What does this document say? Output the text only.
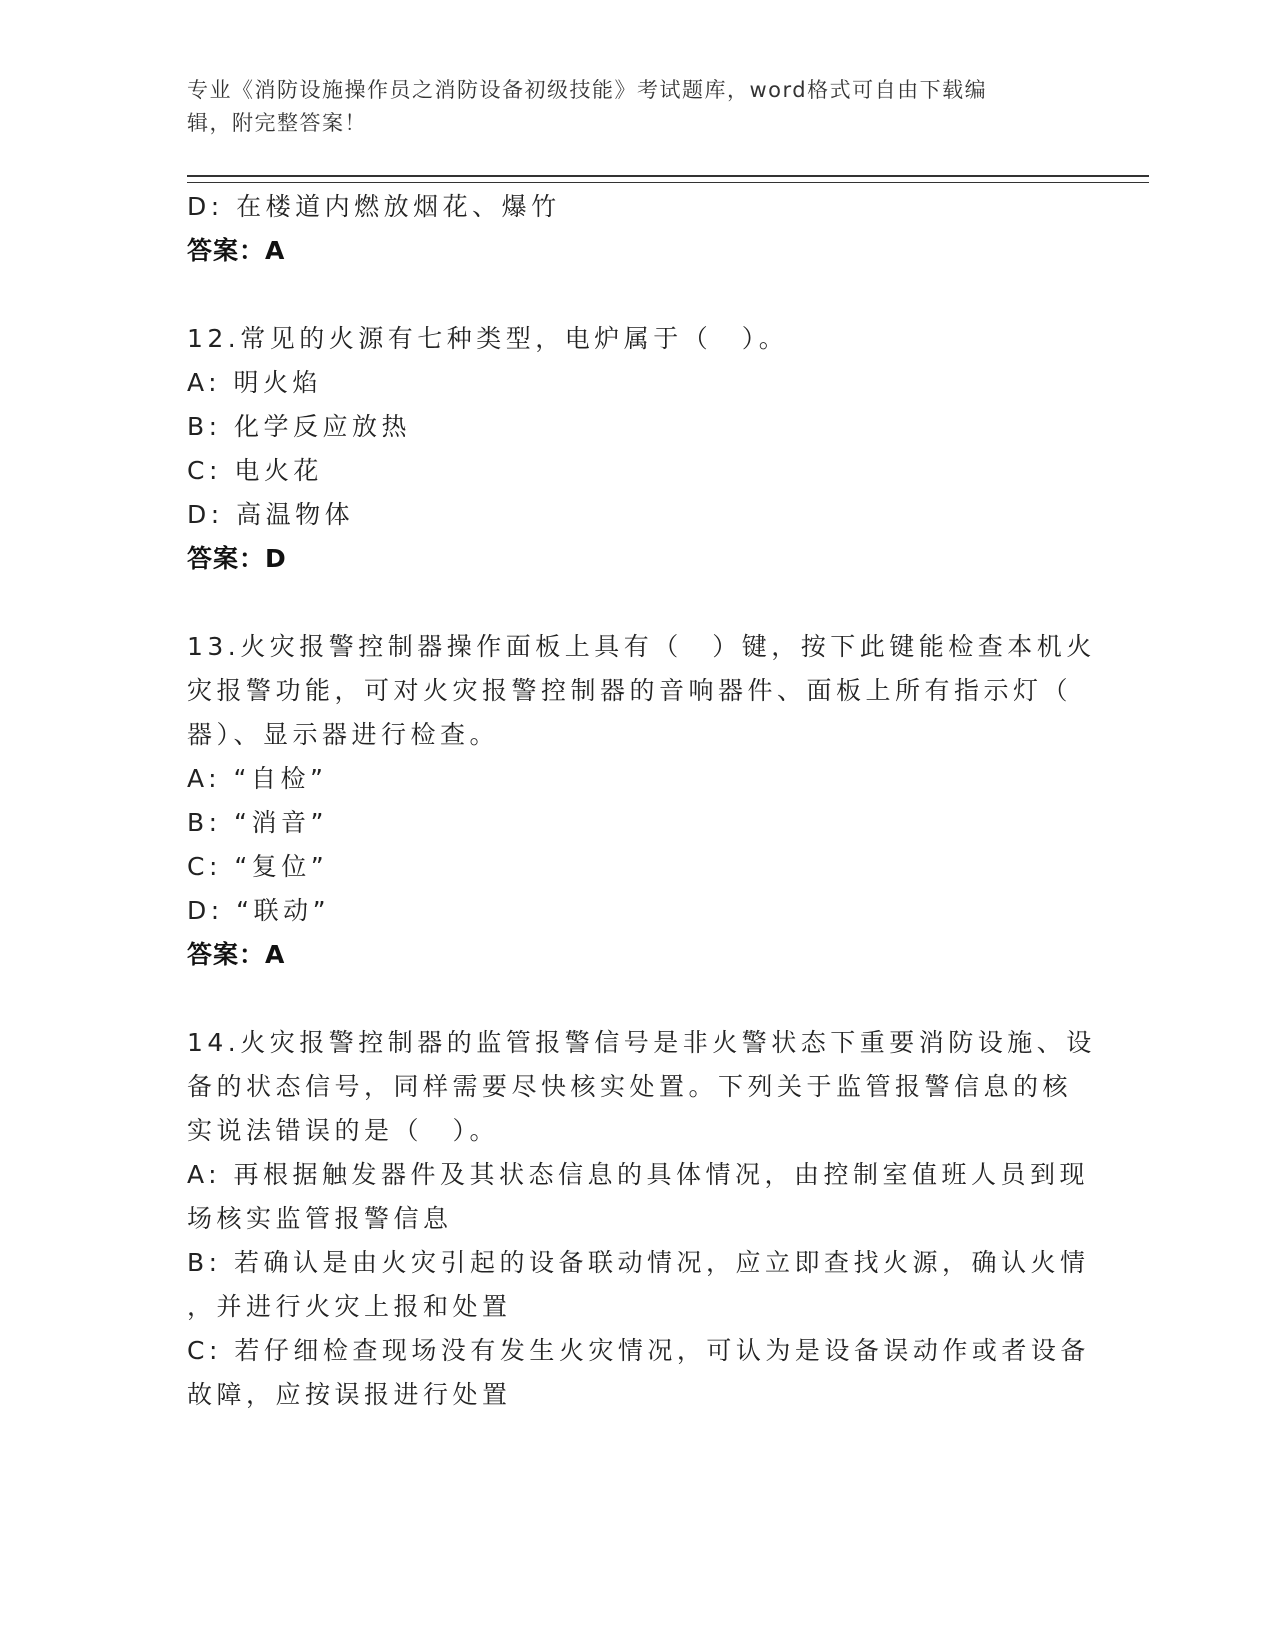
专业《消防设施操作员之消防设备初级技能》考试题库，word格式可自由下载编
辑，附完整答案！
D: 在楼道内燃放烟花、爆竹
答案：A
12.常见的火源有七种类型，电炉属于（　）。
A: 明火焰
B: 化学反应放热
C: 电火花
D: 高温物体
答案：D
13.火灾报警控制器操作面板上具有（　）键，按下此键能检查本机火
灾报警功能，可对火灾报警控制器的音响器件、面板上所有指示灯（
器）、显示器进行检查。
A: “自检”
B: “消音”
C: “复位”
D: “联动”
答案：A
14.火灾报警控制器的监管报警信号是非火警状态下重要消防设施、设
备的状态信号，同样需要尽快核实处置。下列关于监管报警信息的核
实说法错误的是（　）。
A: 再根据触发器件及其状态信息的具体情况，由控制室值班人员到现
场核实监管报警信息
B: 若确认是由火灾引起的设备联动情况，应立即查找火源，确认火情
，并进行火灾上报和处置
C: 若仔细检查现场没有发生火灾情况，可认为是设备误动作或者设备
故障，应按误报进行处置
